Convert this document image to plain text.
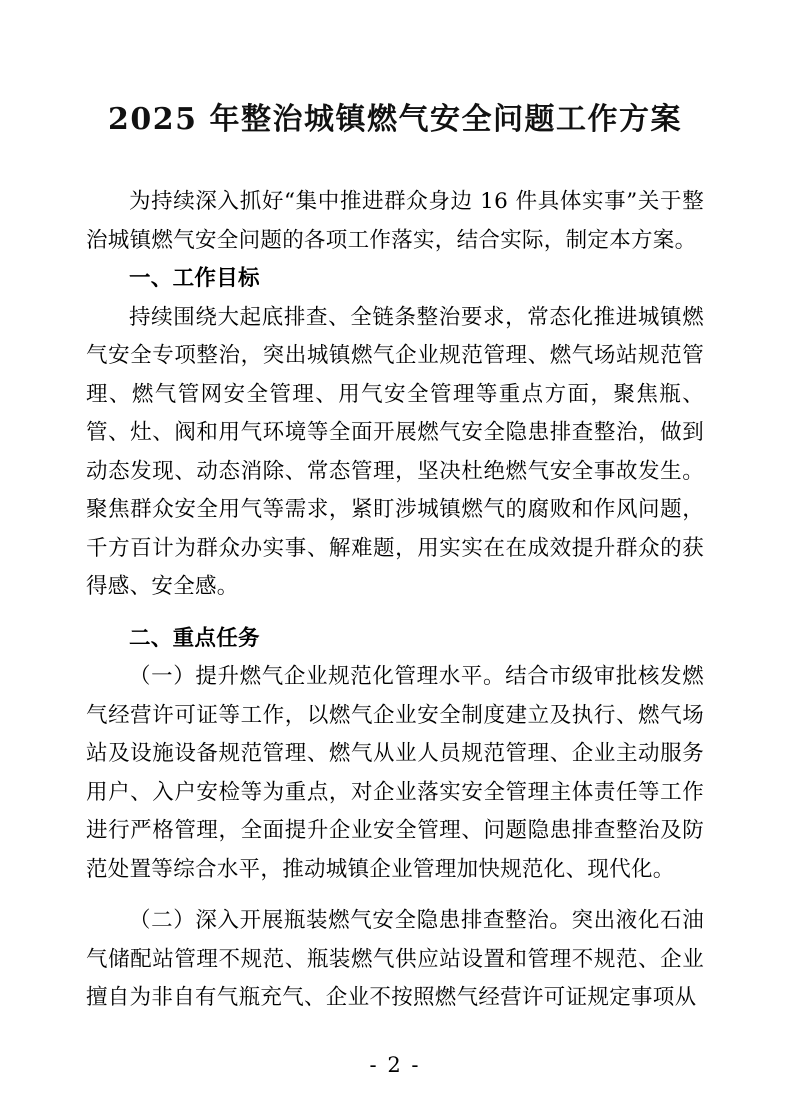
2025 年整治城镇燃气安全问题工作方案

为持续深入抓好“集中推进群众身边 16 件具体实事”关于整治城镇燃气安全问题的各项工作落实，结合实际，制定本方案。

一、工作目标

持续围绕大起底排查、全链条整治要求，常态化推进城镇燃气安全专项整治，突出城镇燃气企业规范管理、燃气场站规范管理、燃气管网安全管理、用气安全管理等重点方面，聚焦瓶、管、灶、阀和用气环境等全面开展燃气安全隐患排查整治，做到动态发现、动态消除、常态管理，坚决杜绝燃气安全事故发生。聚焦群众安全用气等需求，紧盯涉城镇燃气的腐败和作风问题，千方百计为群众办实事、解难题，用实实在在成效提升群众的获得感、安全感。

二、重点任务

（一）提升燃气企业规范化管理水平。结合市级审批核发燃气经营许可证等工作，以燃气企业安全制度建立及执行、燃气场站及设施设备规范管理、燃气从业人员规范管理、企业主动服务用户、入户安检等为重点，对企业落实安全管理主体责任等工作进行严格管理，全面提升企业安全管理、问题隐患排查整治及防范处置等综合水平，推动城镇企业管理加快规范化、现代化。

（二）深入开展瓶装燃气安全隐患排查整治。突出液化石油气储配站管理不规范、瓶装燃气供应站设置和管理不规范、企业擅自为非自有气瓶充气、企业不按照燃气经营许可证规定事项从

- 2 -
